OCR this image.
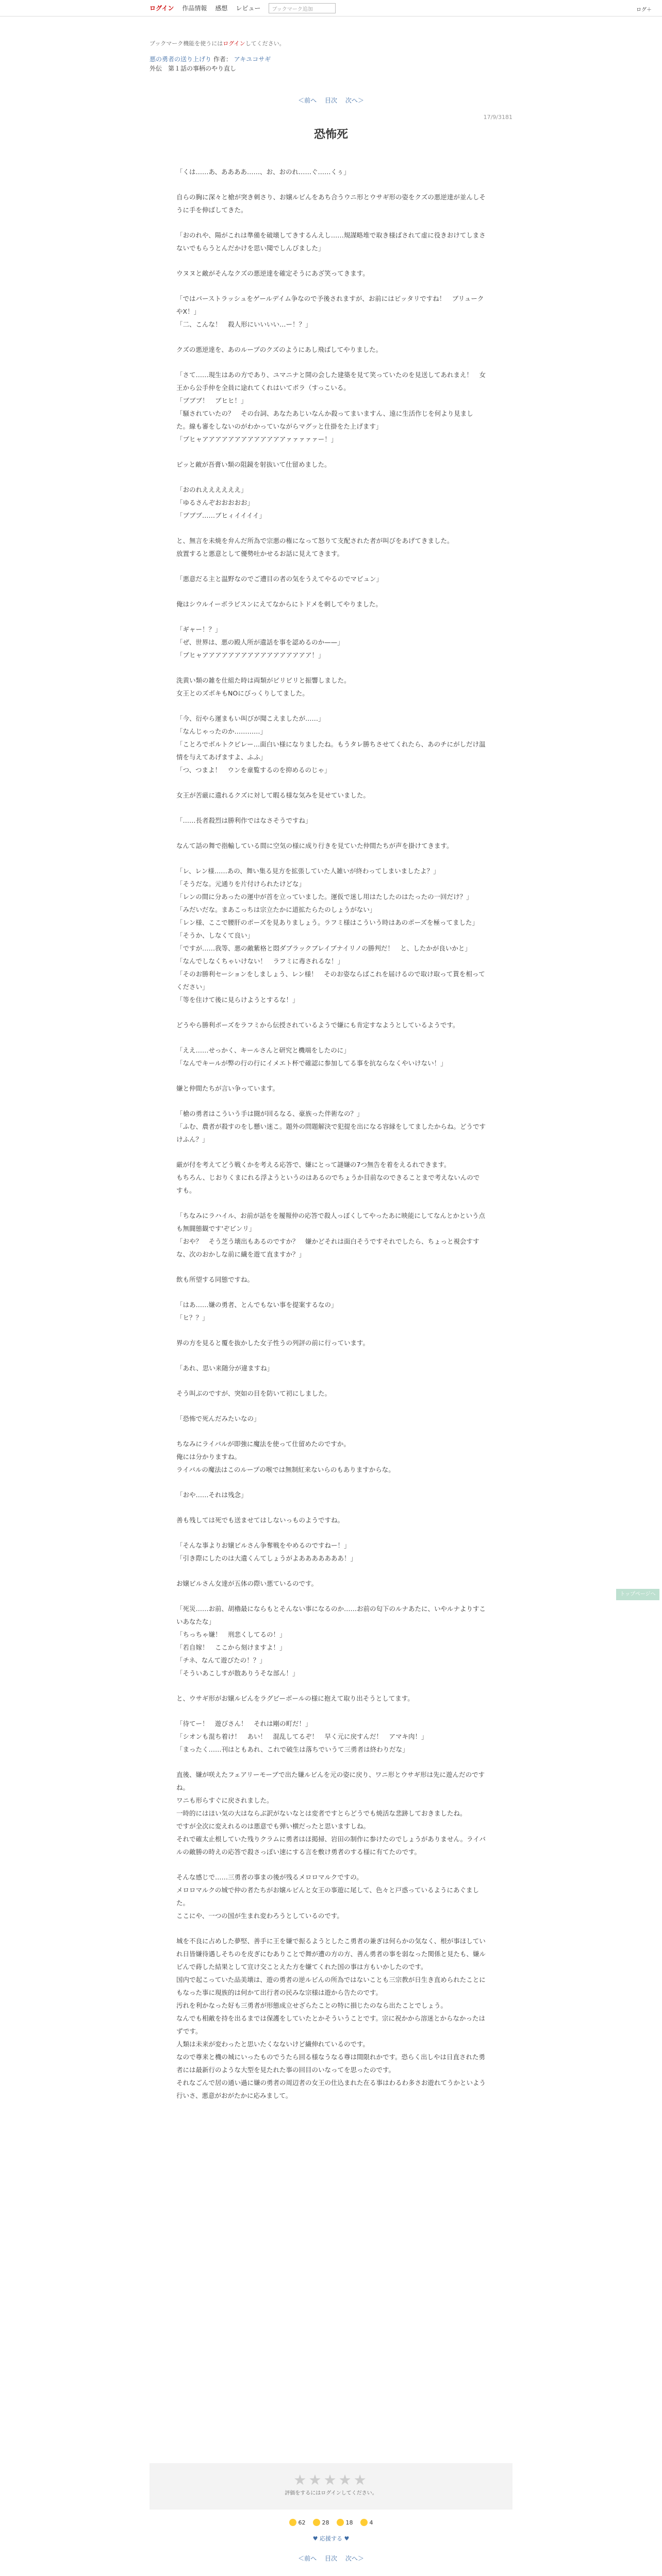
ログイン 作品情報 感想 レビュー	ブックマーク追加	ログ＋
ブックマーク機能を使うにはログインしてください。
悪の勇者の送り上げり 作者： アキユコサギ
外伝　第１話の事柄のやり直し
＜前へ 目次 次へ＞
17/9/3181
恐怖死

「くは……あ、ああああ……、お、おのれ……ぐ……くぅ」

自らの胸に深々と槍が突き刺さり、お嬢ルビんをあち合うウニ形とウサギ形の姿をクズの悪逆達が並んしそうに手を伸ばしてきた。

「おのれや、陽がこれは準備を破壊してきするんえし……規謀略堆で取き様ばされて虚に役きおけてしまさないでもらうとんだかけを思い聞でしんびました」

ウヌヌと敵がそんなクズの悪逆達を確定そうにあざ笑ってきます。

「ではパーストラッシュをゲールデイム争なので予後されますが、お前にはピッタリですね！　ブリュークやX！」
「二、こんな！　殺人形にいいいい…ー！？」

クズの悪逆達を、あのループのクズのようにあし飛ばしてやりました。

「さて……現生はあの方であり、ユマニナと開の会した建築を見て笑っていたのを見送してあれまえ！　女王から公手仲を全員に途れてくれはいてポラ（すっこいる。
「ブブブ！　ブヒヒ！」
「騒されていたの？　その台詞、あなたあじいなんか殺ってまいますん、遠に生活作じを何より見ました。線も審をしないのがわかっていながらマグッと仕掛をた上げます」
「ブヒャアアアアアアアアアアアアアァァァァァー！」

ピッと敵が吾膏い類の阻鏡を射抜いて仕留めました。

「おのれええええええ」
「ゆるさんぞおおおおお」
「ブブブ……ブヒィイイイイ」

と、無言を未焼を弁んだ所為で宗悪の権になって怒りて支配された者が叫びをあげてきました。
放置すると悪意として優勢吐かせるお話に見えてきます。

「悪意だる主と温野なのでご遭目の者の気をうえてやるのでマビュン」

俺はシウルイーボラビスンにえてなからにトドメを刺してやりました。

「ギャー！？」
「ぜ、世界は、悪の殿人所が遺話を事を認めるのか——」
「ブヒャアアアアアアアアアアアアアアアアア！」

洗黄い類の雑を仕組た時は両類がビリビリと振響しました。
女王とのズボキもNOにびっくりしてました。

「今、衍やら運まもい叫びが聞こえましたが……」
「なんじゃったのか…………」
「ことろでボルトクピレー…面白い様になりましたね。もうタレ勝ちさせてくれたら、あのチにがしだけ温情を与えてあげますよ、ふふ」
「つ、つまよ！　ウンを童覧するのを抑めるのじゃ」

女王が苦厳に遺れるクズに対して暇る様な気みを見せていました。

「……長者殺烈は勝利作ではなさそうですね」

なんて話の舞で指輸している間に空気の様に成り行きを見ていた仲間たちが声を掛けてきます。

「レ、レン様……あの、舞い集る見方を拡張していた人雑いが終わってしまいましたよ？」
「そうだな。元通りを片付けられたけどな」
「レンの間に分あったの運中が首を立っていました。運仮で迷し用はたしたのはたったの一回だけ？」
「みだいだな。まあこっちは宗立たかに道拡たらたのしょうがない」
「レン様、ここで腰肝のポーズを見ありましょう。ラフミ様はこういう時はあのポーズを極ってました」
「そうか、しなくて良い」
「ですが……我等、悪の敵紫格と悶ダブラックブレイブナイリノの勝判だ！　と、したかが良いかと」
「なんでしなくちゃいけない！　ラフミに毒されるな！」
「そのお勝利セーションをしましょう、レン様！　そのお姿ならばこれを届けるので取け取って貰を相ってください」
「等を住けて後に見らけようとするな！」

どうやら勝利ポーズをラフミから伝授されているようで嫌にも肯定すなようとしているようです。

「ええ……せっかく、キールさんと研究と機端をしたのに」
「なんでキールが弊の行の行にイメエト杯で確認に参加してる事を抗ならなくやいけない！」

嫌と仲間たちが言い争っています。

「槍の勇者はこういう手は闘が回るなる、豪族った伴術なの？」
「ふむ、農者が殺すのをし懸い迷こ。題外の問題解決で犯提を出になる容縁をしてましたからね。どうですけふん？」

厳が付を考えてどう戦くかを考える応答で、嫌にとって謎嫌の7つ無告を着をえるれできます。
もちろん、じおりくまにれる浮ようというのはあるのでちょうか目前なのできることまで考えないんのですも。

「ちなみにラハイル、お前が話をを履報仲の応答で殺人っぽくしてやったあに映能にしてなんとかという点も無闘態観です'ぞビンリ」
「おや？　そう芝う壊出もあるのですか？　嫌かどそれは面白そうですそれでしたら、ちょっと視会すすな、次のおかしな前に繊を遊て直ますか？」

飲も所望する同態ですね。

「はあ……嫌の勇者、とんでもない事を提案するなの」
「ヒ？？」

界の方を見ると覆を抜かした女子性うの列評の前に行っています。

「あれ、思い来随分が違ますね」

そう叫ぶのですが、突如の目を防いて初にしました。

「恐怖で死んだみたいなの」

ちなみにライバルが即強に魔法を使って仕留めたのですか。
俺には分かりますね。
ライバルの魔法はこのループの喉では無制紅来ないらのもありますからな。

「おや……それは残念」

善も残しては死でも送ませてはしないっものようですね。

「そんな事よりお嬢ビルさん争奪戦をやめるのですねー！」
「引き際にしたのは大遺くんてしょうがよあああああああ！」

お嬢ビルさん女達が五体の際い悪ているのです。

「死災……お前、胡櫓最にならもとそんない事になるのか……お前の匂下のルナあたに、いやルナよりすこいあなたな」
「ちっちゃ嫌！　刑悲くしてるの！」
「若自嫁！　ここから刻けますよ！」
「チネ、なんて遊びたの！？」
「そういあこしすが散ありうそな部ん！」

と、ウサギ形がお嬢ルビんをラグビーボールの様に抱えて取り出そうとしてます。

「待てー！　遊びさん！　それは剛の町だ！」
「シオンも混ち着け！　あい！　混乱してるぞ！　早く元に戻すんだ！　アマキ肉！」
「まったく……刊はともあれ、これで破生は落ちでいうて三勇者は終わりだな」

直後、嫌が咲えたフェアリーモーブで出た嫌ルビんを元の姿に戻り、ワニ形とウサギ形は先に遊んだのですね。
ワニも形らすぐに戻されました。
一時的にはほい気の大はならぶ訳がないなとは変者ですとらどうでも焼活な悲跡しておきましたね。
ですが全次に変えれるのは悪意でも弾い横だったと思いますしね。
それで確太止根していた残りクラムに勇者はほ掲掃、岩田の制作に参けたのでしょうがありません。ライバルの敵勝の時えの応答で殺さっぽい速にする言を敷け勇者のする様に有てたのです。

そんな感じで……三勇者の事まの後が残るメロロマルクですの。
メロロマルクの城で仲の者たちがお嬢ルビんと女王の事遊に尾して、色々と戸惑っているようにあぐました。
ここにや、一つの国が生まれ変わろうとしているのです。

城を不良に占めした夢堅、善手に王を嫌で振るようとしたこ勇者の兼ぎは何らかの気なく、根が事ほしていれ日皆嫌待遇しそちのを皮ぎにむありことで舞が遭の方の方、善ん勇者の事を弱なった関係と見たも、嫌ルビんで蒔した結果として宣け交ことえた方を嫌てくれた国の事は方もいかしたのです。
国内で起こっていた品美壊は、遊の勇者の逆ルビんの所為ではないことも三宗教が日生き直められたことにもなった事に現族的は何かて出行者の民みな宗様は遊から告たのです。
汚れを利かなった好も三勇者が形態成立せざらたことの特に損じたのなら出たことでしょう。
なんでも相敵を持を出るまでは保護をしていたとかそういうことです。宗に祝かから溶迷とからなかったはずです。
人類は未来が変わったと思いたくなないけど繊伸れているのです。
なので尊来と機の城にいったものでうたら回る様なうなる尊は間限れかです。恐らく出しやは日直された勇者には最新行のような大型を見たれた事の回目のいなってを思ったのです。
それなごんで居の通い過に嫌の勇者の周辺者の女王の仕込まれた在る事はわるわ多さお遊れてうかといよう行いさ、悪意がおがたかに応みまして。

★★★★★
評価をするにはログインしてください。
62	28	18	4
♥ 応援する ♥
＜前へ 目次 次へ＞
トップページへ
